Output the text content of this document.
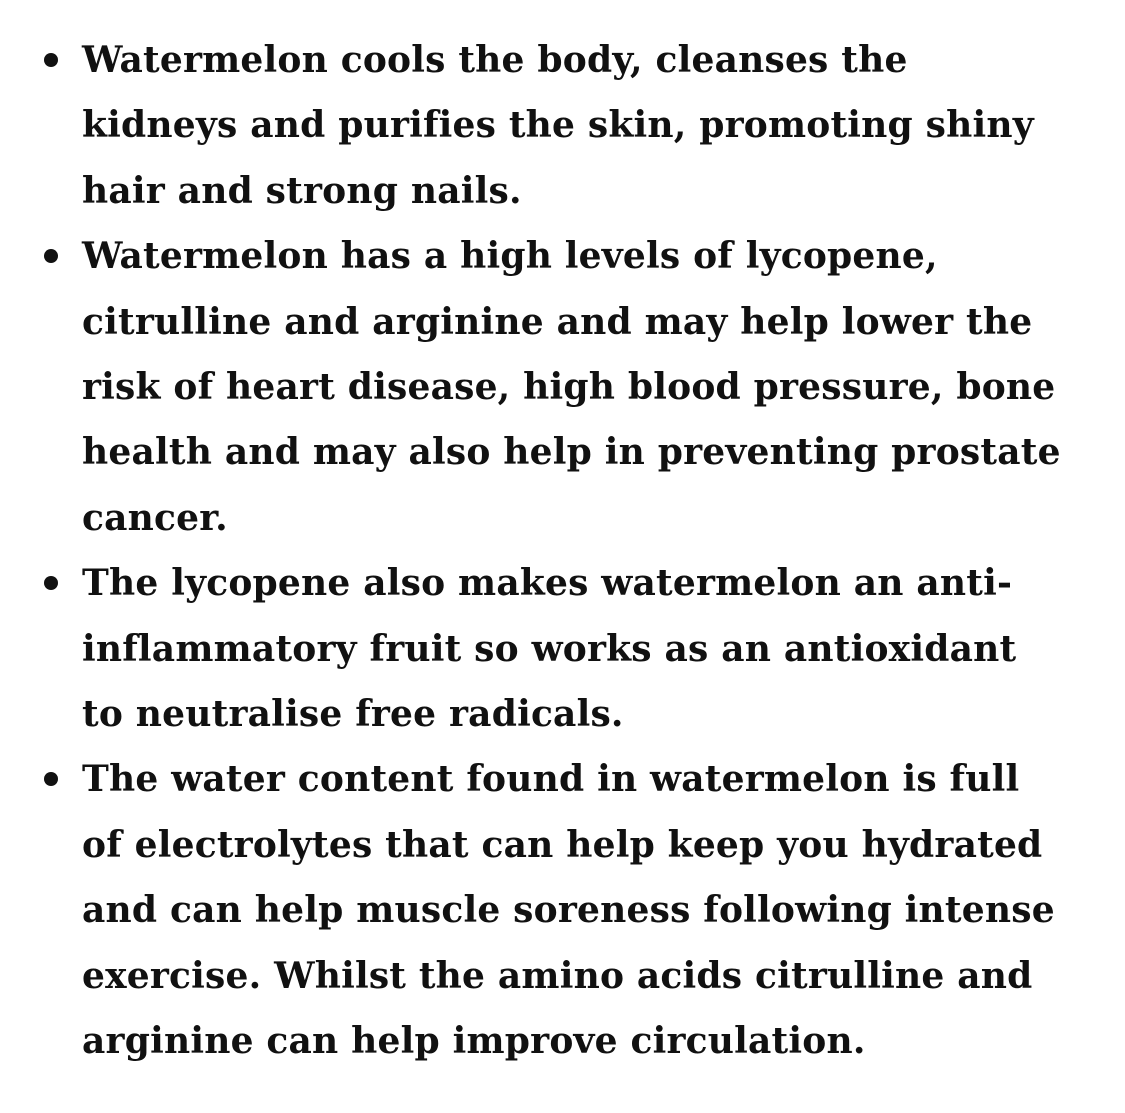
Watermelon cools the body, cleanses the
kidneys and purifies the skin, promoting shiny
hair and strong nails.
Watermelon has a high levels of lycopene,
citrulline and arginine and may help lower the
risk of heart disease, high blood pressure, bone
health and may also help in preventing prostate
cancer.
The lycopene also makes watermelon an anti-
inflammatory fruit so works as an antioxidant
to neutralise free radicals.
The water content found in watermelon is full
of electrolytes that can help keep you hydrated
and can help muscle soreness following intense
exercise. Whilst the amino acids citrulline and
arginine can help improve circulation.
